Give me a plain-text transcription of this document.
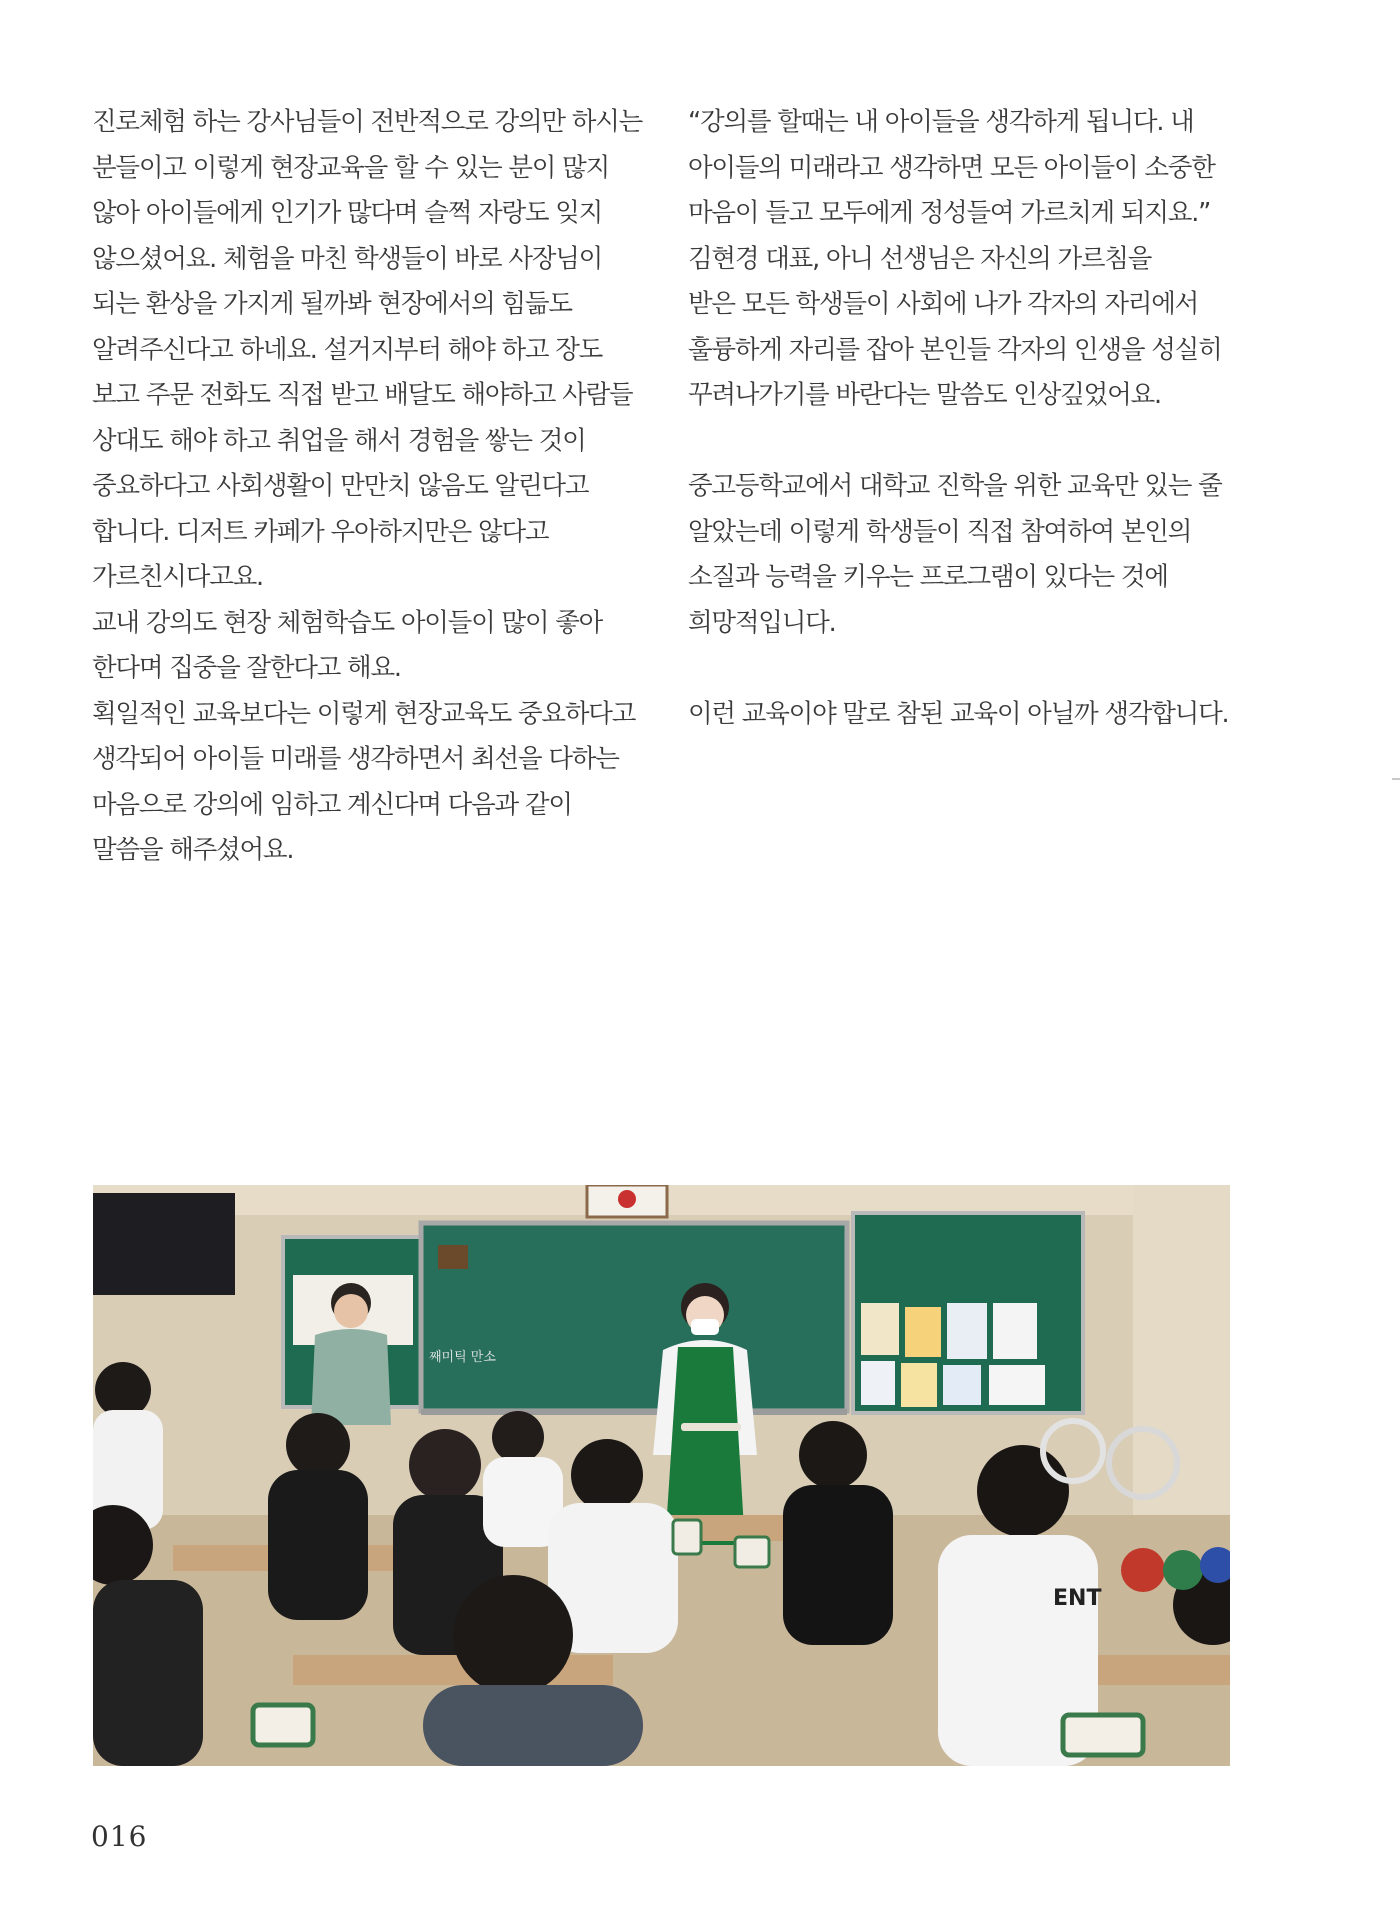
진로체험 하는 강사님들이 전반적으로 강의만 하시는
분들이고 이렇게 현장교육을 할 수 있는 분이 많지
않아 아이들에게 인기가 많다며 슬쩍 자랑도 잊지
않으셨어요. 체험을 마친 학생들이 바로 사장님이
되는 환상을 가지게 될까봐 현장에서의 힘듦도
알려주신다고 하네요. 설거지부터 해야 하고 장도
보고 주문 전화도 직접 받고 배달도 해야하고 사람들
상대도 해야 하고 취업을 해서 경험을 쌓는 것이
중요하다고 사회생활이 만만치 않음도 알린다고
합니다. 디저트 카페가 우아하지만은 않다고
가르친시다고요.

교내 강의도 현장 체험학습도 아이들이 많이 좋아
한다며 집중을 잘한다고 해요.

획일적인 교육보다는 이렇게 현장교육도 중요하다고
생각되어 아이들 미래를 생각하면서 최선을 다하는
마음으로 강의에 임하고 계신다며 다음과 같이
말씀을 해주셨어요.

“강의를 할때는 내 아이들을 생각하게 됩니다. 내
아이들의 미래라고 생각하면 모든 아이들이 소중한
마음이 들고 모두에게 정성들여 가르치게 되지요.”
김현경 대표, 아니 선생님은 자신의 가르침을
받은 모든 학생들이 사회에 나가 각자의 자리에서
훌륭하게 자리를 잡아 본인들 각자의 인생을 성실히
꾸려나가기를 바란다는 말씀도 인상깊었어요.

중고등학교에서 대학교 진학을 위한 교육만 있는 줄
알았는데 이렇게 학생들이 직접 참여하여 본인의
소질과 능력을 키우는 프로그램이 있다는 것에
희망적입니다.

이런 교육이야 말로 참된 교육이 아닐까 생각합니다.

째미틱 만소
ENT
016
